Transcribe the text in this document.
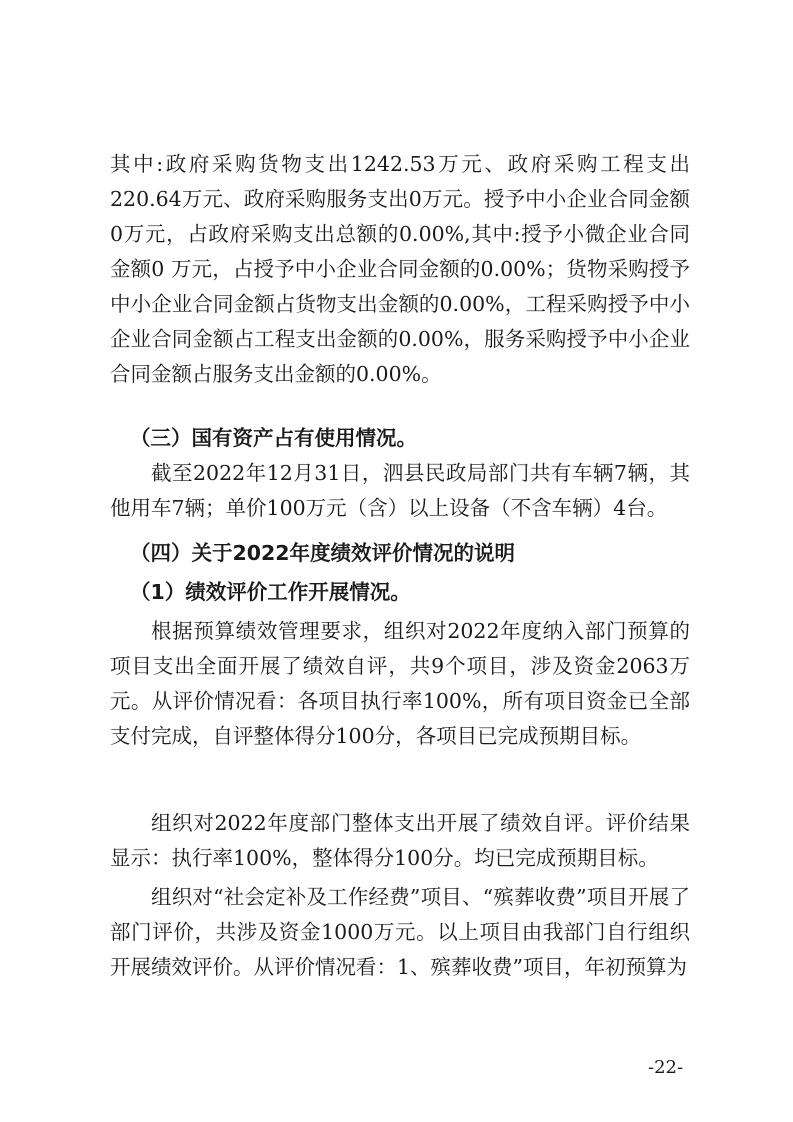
其中:政府采购货物支出1242.53万元、政府采购工程支出220.64万元、政府采购服务支出0万元。授予中小企业合同金额0万元，占政府采购支出总额的0.00%,其中:授予小微企业合同金额0 万元，占授予中小企业合同金额的0.00%；货物采购授予中小企业合同金额占货物支出金额的0.00%，工程采购授予中小企业合同金额占工程支出金额的0.00%，服务采购授予中小企业合同金额占服务支出金额的0.00%。

（三）国有资产占有使用情况。

截至2022年12月31日，泗县民政局部门共有车辆7辆，其他用车7辆；单价100万元（含）以上设备（不含车辆）4台。

（四）关于2022年度绩效评价情况的说明

（1）绩效评价工作开展情况。

根据预算绩效管理要求，组织对2022年度纳入部门预算的项目支出全面开展了绩效自评，共9个项目，涉及资金2063万元。从评价情况看：各项目执行率100%，所有项目资金已全部支付完成，自评整体得分100分，各项目已完成预期目标。

组织对2022年度部门整体支出开展了绩效自评。评价结果显示：执行率100%，整体得分100分。均已完成预期目标。

组织对“社会定补及工作经费”项目、“殡葬收费”项目开展了部门评价，共涉及资金1000万元。以上项目由我部门自行组织开展绩效评价。从评价情况看：1、殡葬收费”项目，年初预算为

-22-
